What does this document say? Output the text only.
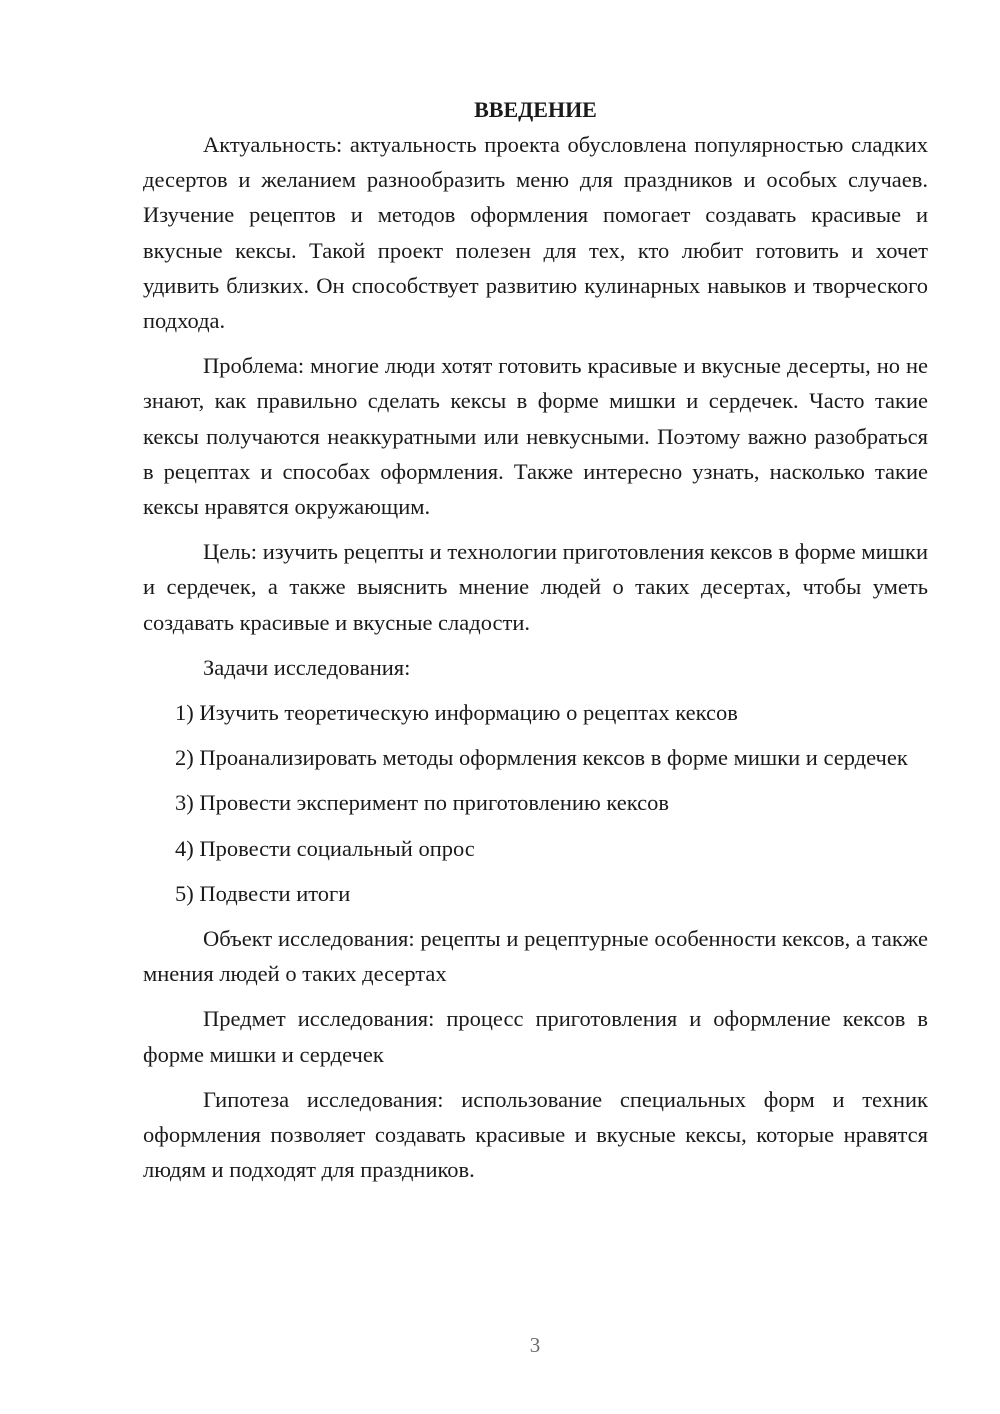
ВВЕДЕНИЕ

Актуальность: актуальность проекта обусловлена популярностью сладких десертов и желанием разнообразить меню для праздников и особых случаев. Изучение рецептов и методов оформления помогает создавать красивые и вкусные кексы. Такой проект полезен для тех, кто любит готовить и хочет удивить близких. Он способствует развитию кулинарных навыков и творческого подхода.

Проблема: многие люди хотят готовить красивые и вкусные десерты, но не знают, как правильно сделать кексы в форме мишки и сердечек. Часто такие кексы получаются неаккуратными или невкусными. Поэтому важно разобраться в рецептах и способах оформления. Также интересно узнать, насколько такие кексы нравятся окружающим.

Цель: изучить рецепты и технологии приготовления кексов в форме мишки и сердечек, а также выяснить мнение людей о таких десертах, чтобы уметь создавать красивые и вкусные сладости.

Задачи исследования:

1) Изучить теоретическую информацию о рецептах кексов

2) Проанализировать методы оформления кексов в форме мишки и сердечек

3) Провести эксперимент по приготовлению кексов

4) Провести социальный опрос

5) Подвести итоги

Объект исследования: рецепты и рецептурные особенности кексов, а также мнения людей о таких десертах

Предмет исследования: процесс приготовления и оформление кексов в форме мишки и сердечек

Гипотеза исследования: использование специальных форм и техник оформления позволяет создавать красивые и вкусные кексы, которые нравятся людям и подходят для праздников.

3
